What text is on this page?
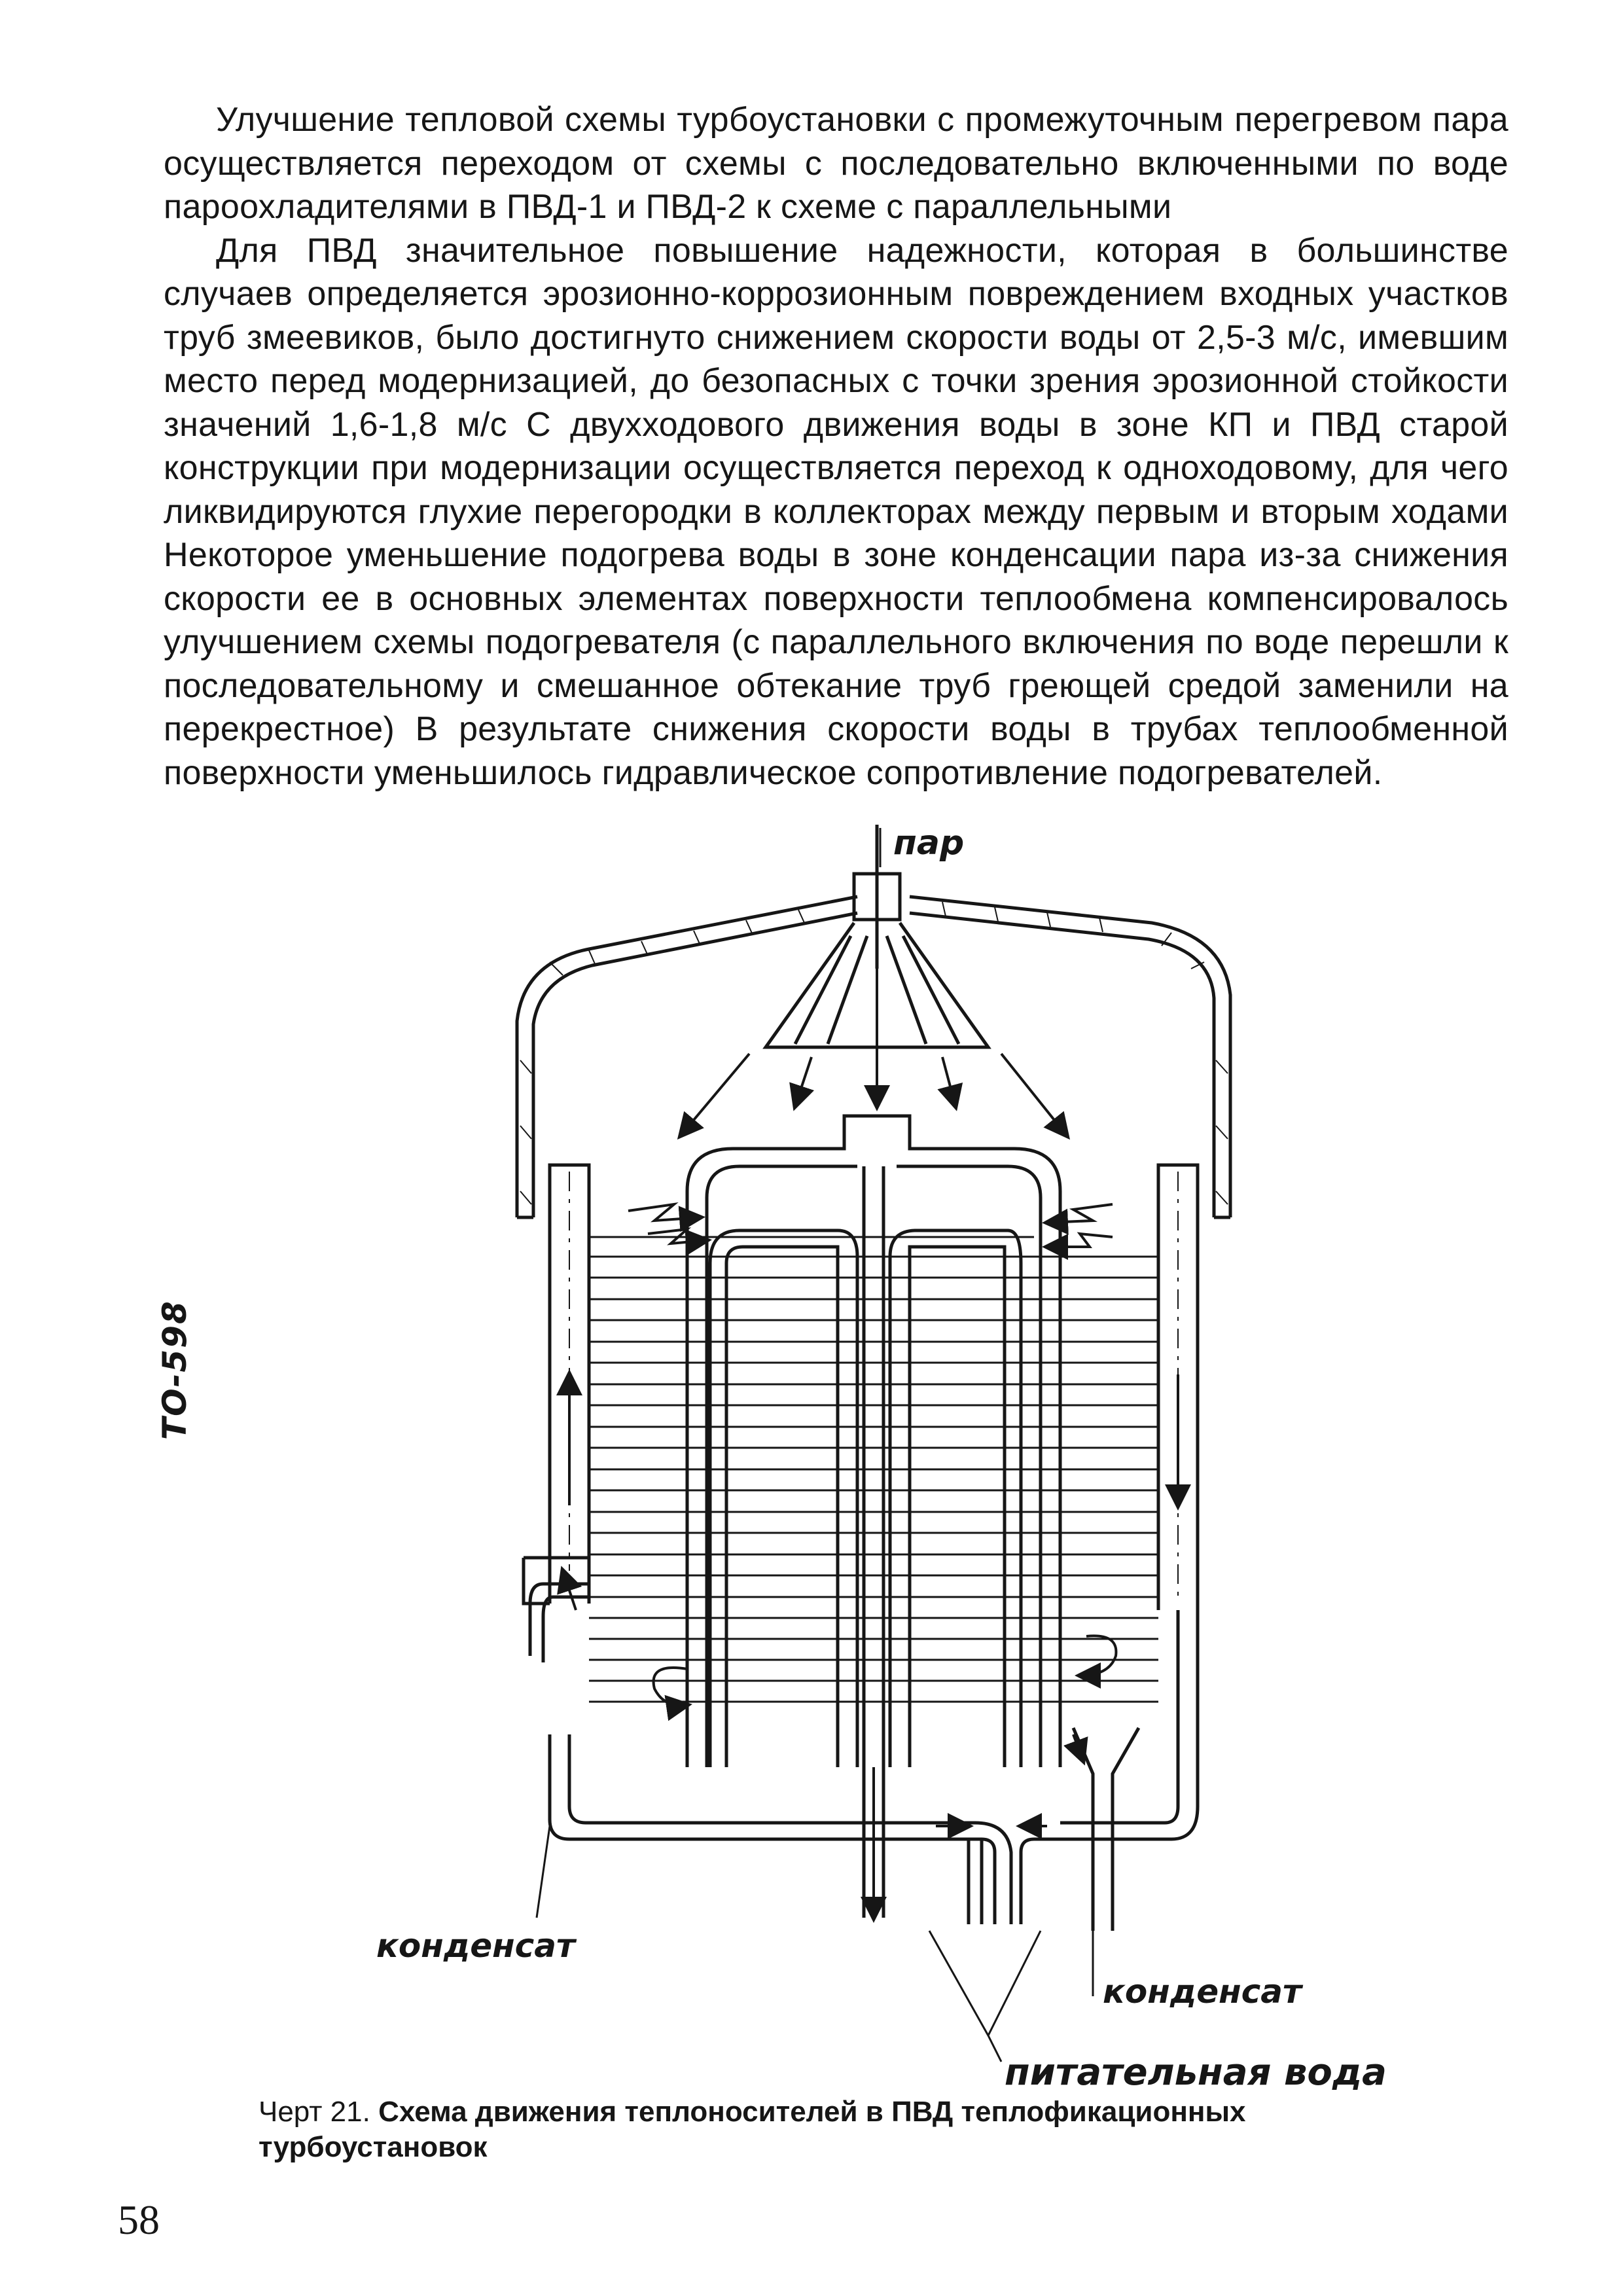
Улучшение тепловой схемы турбоустановки с промежуточным перегревом пара осуществляется переходом от схемы с последовательно включенными по воде пароохладителями в ПВД-1 и ПВД-2 к схеме с параллельными

Для ПВД значительное повышение надежности, которая в большинстве случаев определяется эрозионно-коррозионным повреждением входных участков труб змеевиков, было достигнуто снижением скорости воды от 2,5-3 м/с, имевшим место перед модернизацией, до безопасных с точки зрения эрозионной стойкости значений 1,6-1,8 м/с С двухходового движения воды в зоне КП и ПВД старой конструкции при модернизации осуществляется переход к одноходовому, для чего ликвидируются глухие перегородки в коллекторах между первым и вторым ходами Некоторое уменьшение подогрева воды в зоне конденсации пара из-за снижения скорости ее в основных элементах поверхности теплообмена компенсировалось улучшением схемы подогревателя (с параллельного включения по воде перешли к последовательному и смешанное обтекание труб греющей средой заменили на перекрестное) В результате снижения скорости воды в трубах теплообменной поверхности уменьшилось гидравлическое сопротивление подогревателей.

пар
конденсат
конденсат
питательная вода
Черт 21. Схема движения теплоносителей в ПВД теплофикационных турбоустановок
58
ТО-598
